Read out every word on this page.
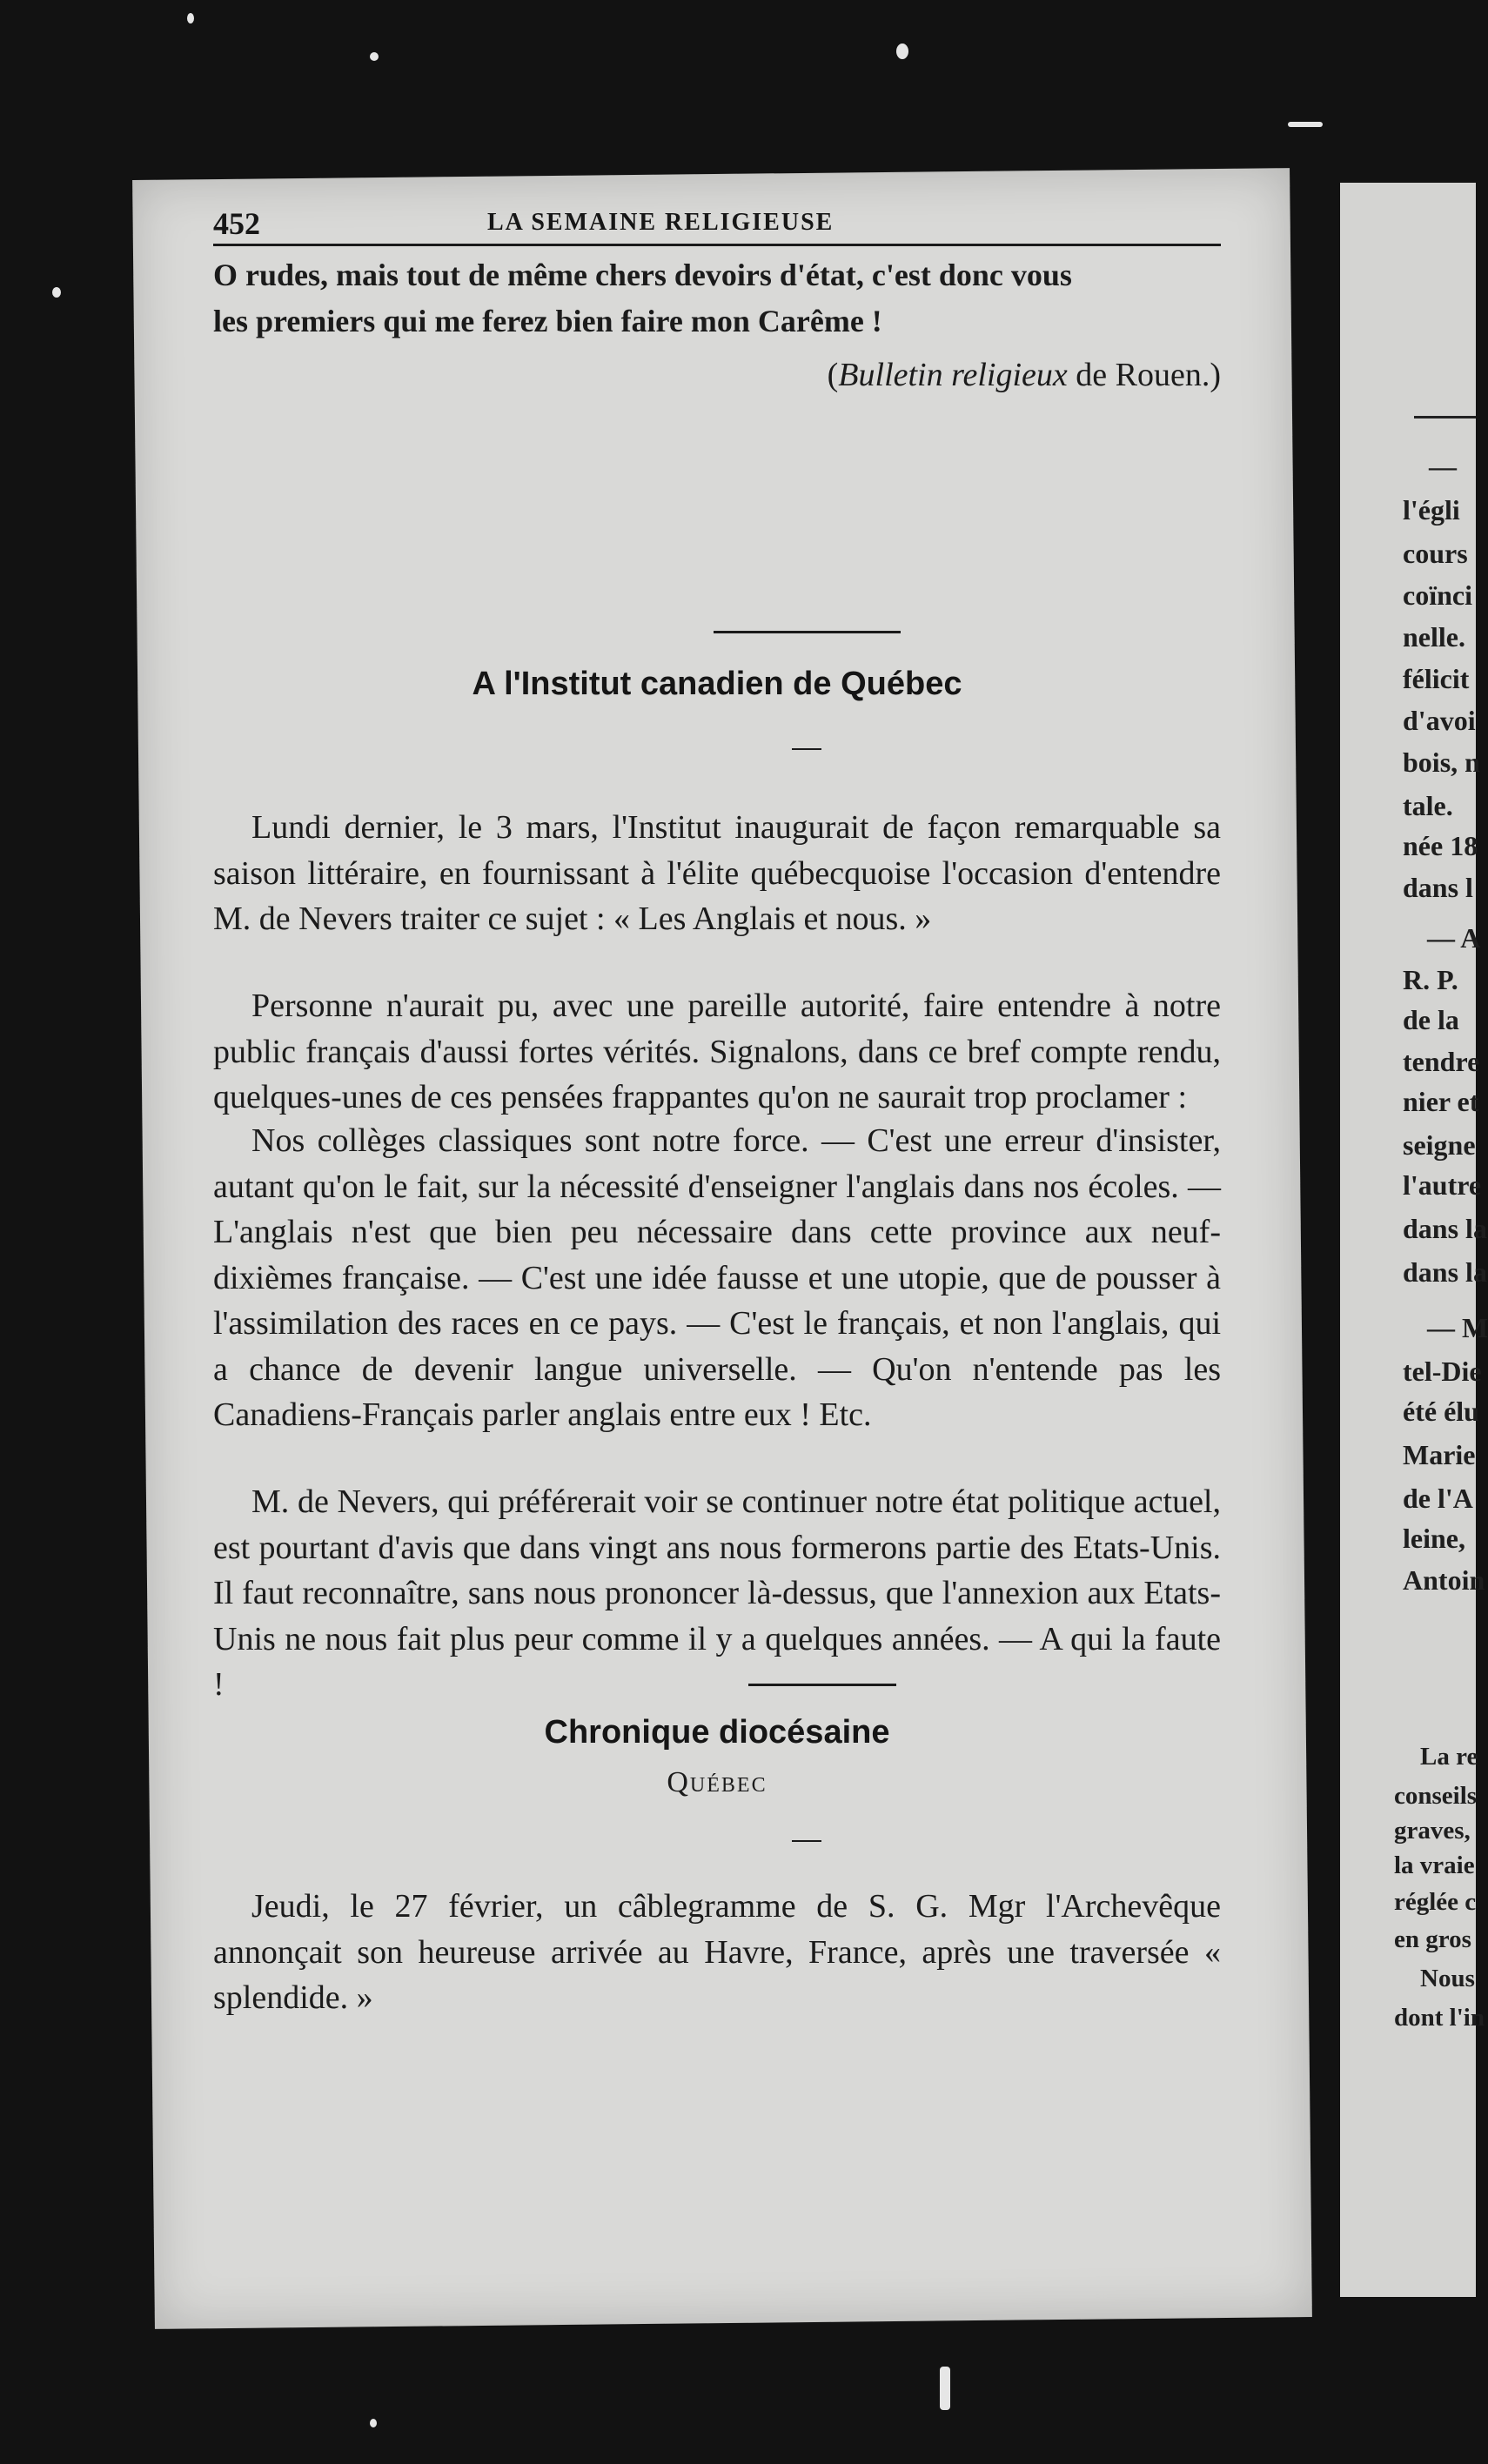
452	LA SEMAINE RELIGIEUSE
O rudes, mais tout de même chers devoirs d'état, c'est donc vous
les premiers qui me ferez bien faire mon Carême !
(Bulletin religieux de Rouen.)
A l'Institut canadien de Québec
Lundi dernier, le 3 mars, l'Institut inaugurait de façon remarquable sa saison littéraire, en fournissant à l'élite québecquoise l'occasion d'entendre M. de Nevers traiter ce sujet : « Les Anglais et nous. »
Personne n'aurait pu, avec une pareille autorité, faire entendre à notre public français d'aussi fortes vérités. Signalons, dans ce bref compte rendu, quelques-unes de ces pensées frappantes qu'on ne saurait trop proclamer :
Nos collèges classiques sont notre force. — C'est une erreur d'insister, autant qu'on le fait, sur la nécessité d'enseigner l'anglais dans nos écoles. — L'anglais n'est que bien peu nécessaire dans cette province aux neuf-dixièmes française. — C'est une idée fausse et une utopie, que de pousser à l'assimilation des races en ce pays. — C'est le français, et non l'anglais, qui a chance de devenir langue universelle. — Qu'on n'entende pas les Canadiens-Français parler anglais entre eux ! Etc.
M. de Nevers, qui préférerait voir se continuer notre état politique actuel, est pourtant d'avis que dans vingt ans nous formerons partie des Etats-Unis. Il faut reconnaître, sans nous prononcer là-dessus, que l'annexion aux Etats-Unis ne nous fait plus peur comme il y a quelques années. — A qui la faute !
Chronique diocésaine
Québec
Jeudi, le 27 février, un câblegramme de S. G. Mgr l'Archevêque annonçait son heureuse arrivée au Havre, France, après une traversée « splendide. »
—
l'égli
cours
coïnci
nelle.
félicit
d'avoi
bois, n
tale.
née 18
dans l
— A
R. P.
de la
tendre
nier et
seigne
l'autre
dans la
dans la
— M
tel-Die
été élu
Marie
de l'A
leine,
Antoin
La re
conseils
graves,
la vraie
réglée c
en gros
Nous
dont l'in
